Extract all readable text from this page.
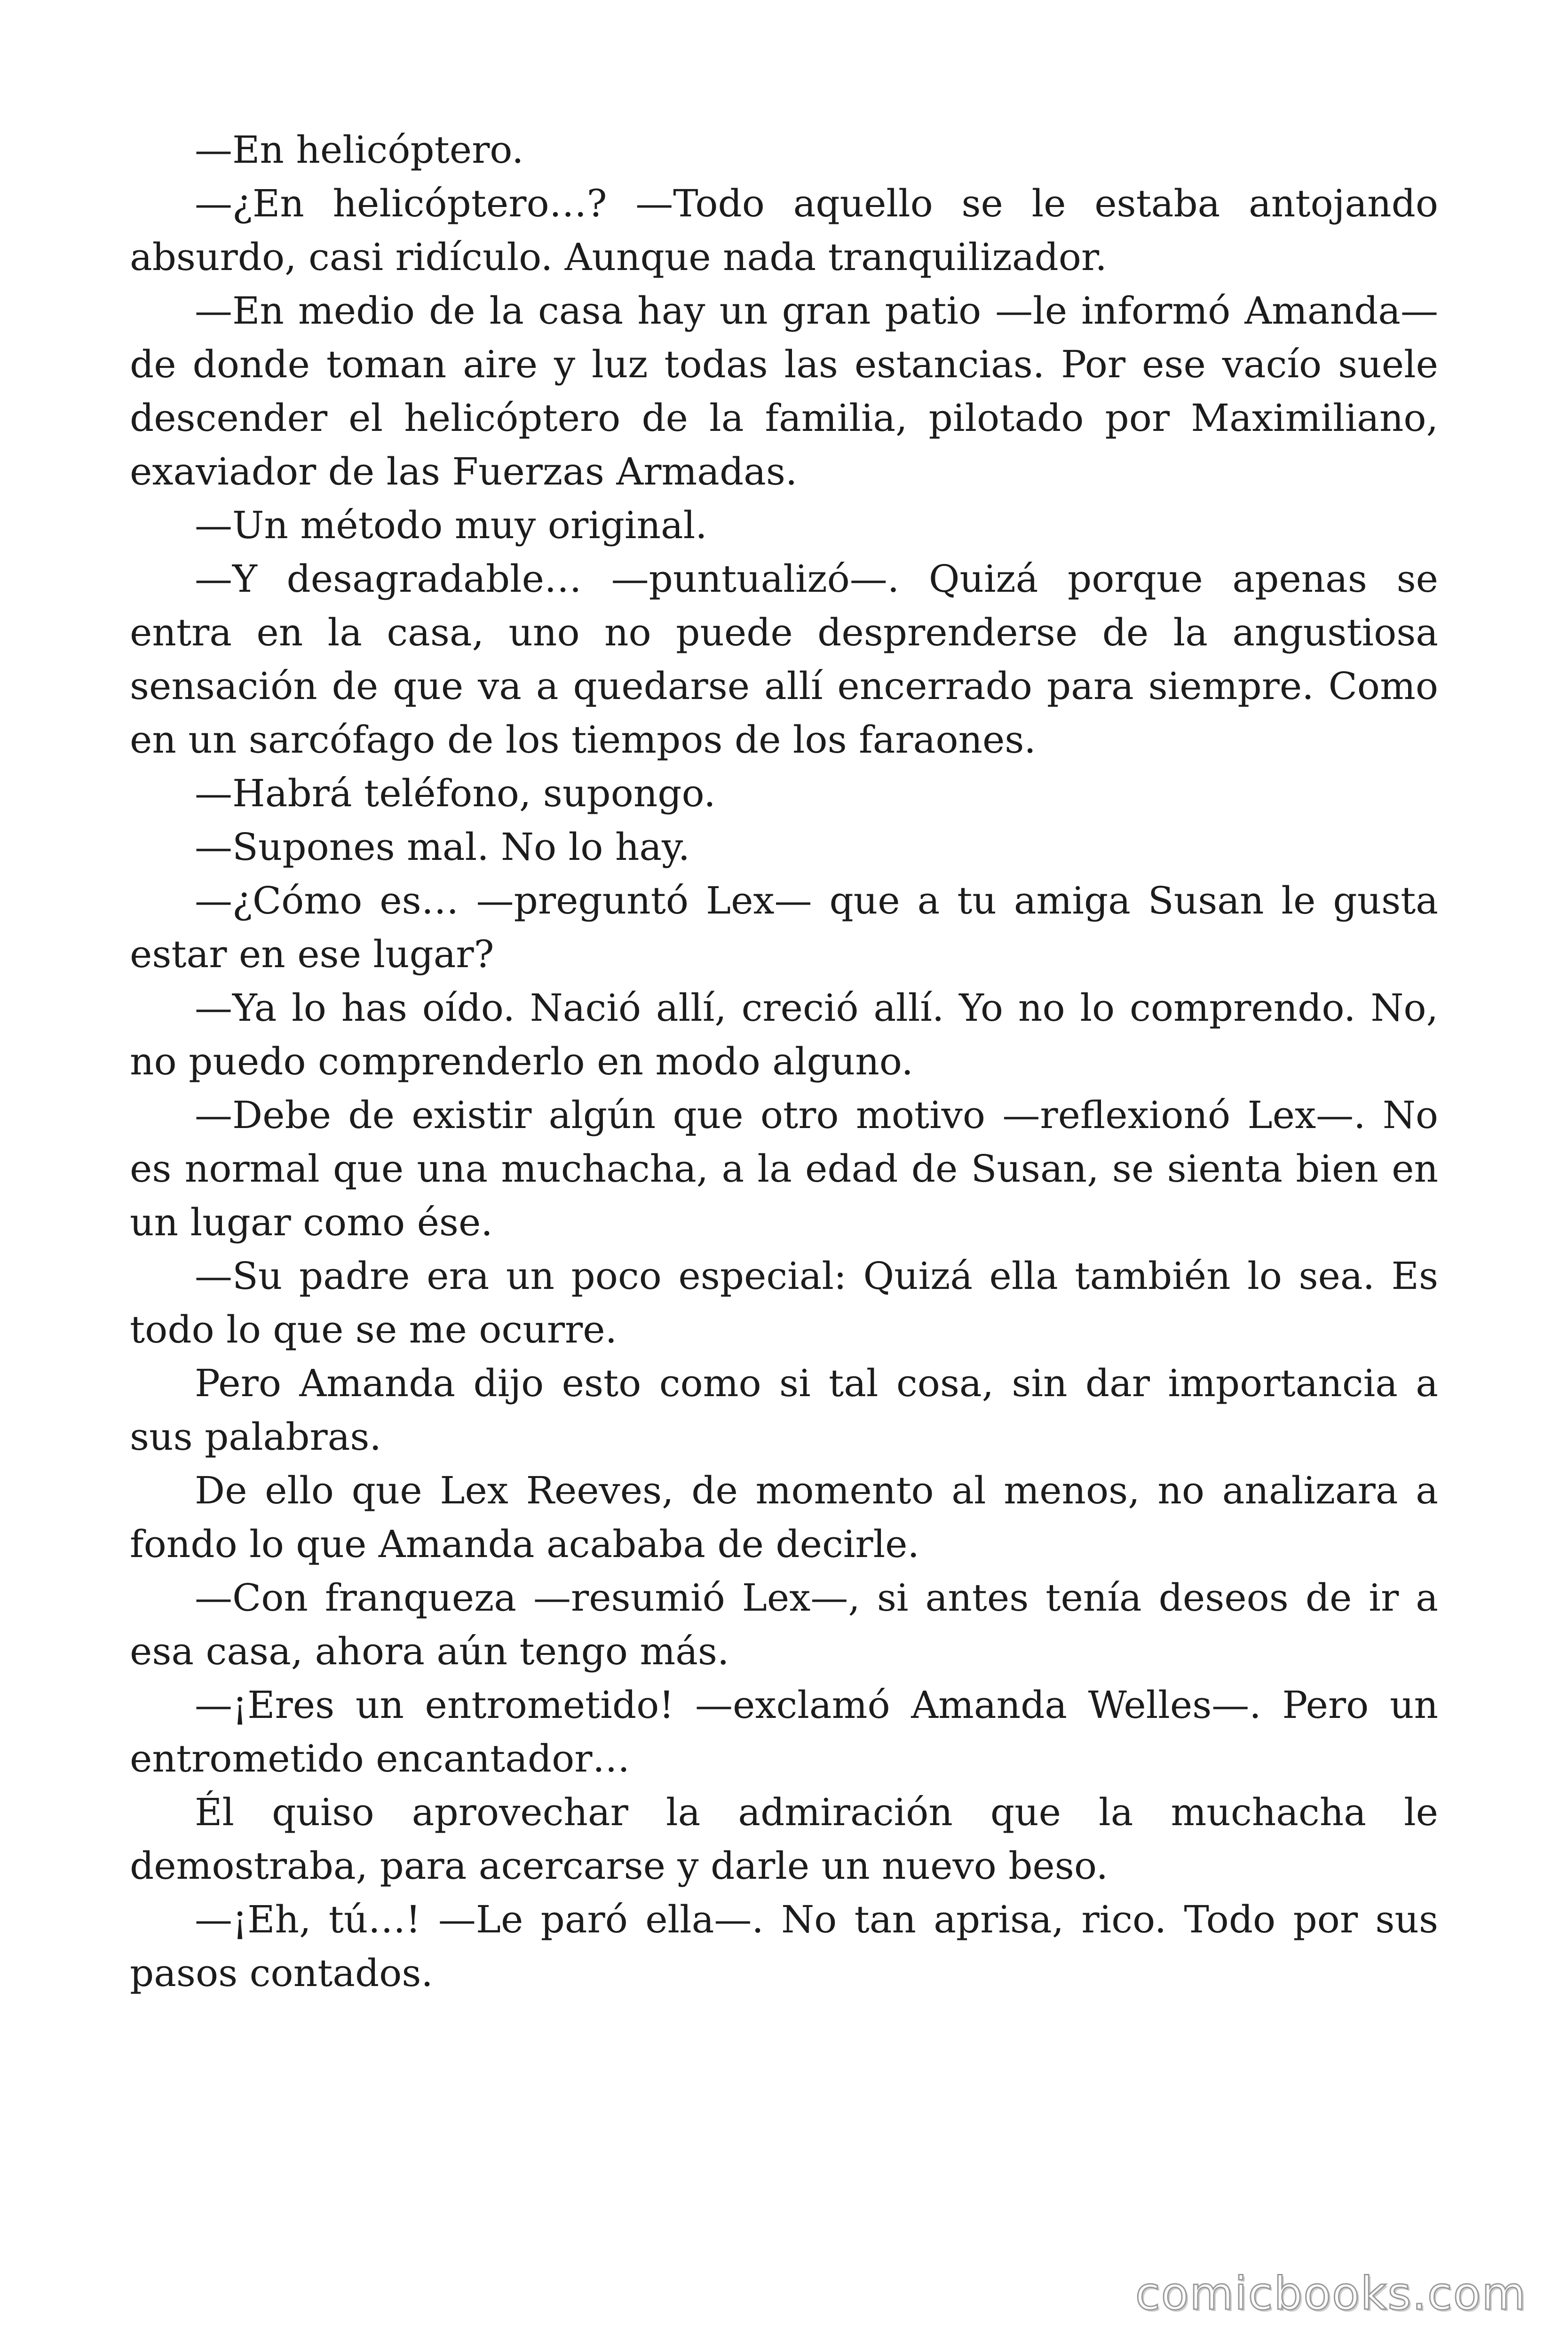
—En helicóptero.

—¿En helicóptero…? —Todo aquello se le estaba antojando absurdo, casi ridículo. Aunque nada tranquilizador.

—En medio de la casa hay un gran patio —le informó Amanda— de donde toman aire y luz todas las estancias. Por ese vacío suele descender el helicóptero de la familia, pilotado por Maximiliano, exaviador de las Fuerzas Armadas.

—Un método muy original.

—Y desagradable… —puntualizó—. Quizá porque apenas se entra en la casa, uno no puede desprenderse de la angustiosa sensación de que va a quedarse allí encerrado para siempre. Como en un sarcófago de los tiempos de los faraones.

—Habrá teléfono, supongo.

—Supones mal. No lo hay.

—¿Cómo es… —preguntó Lex— que a tu amiga Susan le gusta estar en ese lugar?

—Ya lo has oído. Nació allí, creció allí. Yo no lo comprendo. No, no puedo comprenderlo en modo alguno.

—Debe de existir algún que otro motivo —reflexionó Lex—. No es normal que una muchacha, a la edad de Susan, se sienta bien en un lugar como ése.

—Su padre era un poco especial: Quizá ella también lo sea. Es todo lo que se me ocurre.

Pero Amanda dijo esto como si tal cosa, sin dar importancia a sus palabras.

De ello que Lex Reeves, de momento al menos, no analizara a fondo lo que Amanda acababa de decirle.

—Con franqueza —resumió Lex—, si antes tenía deseos de ir a esa casa, ahora aún tengo más.

—¡Eres un entrometido! —exclamó Amanda Welles—. Pero un entrometido encantador…

Él quiso aprovechar la admiración que la muchacha le demostraba, para acercarse y darle un nuevo beso.

—¡Eh, tú…! —Le paró ella—. No tan aprisa, rico. Todo por sus pasos contados.

comicbooks.com
